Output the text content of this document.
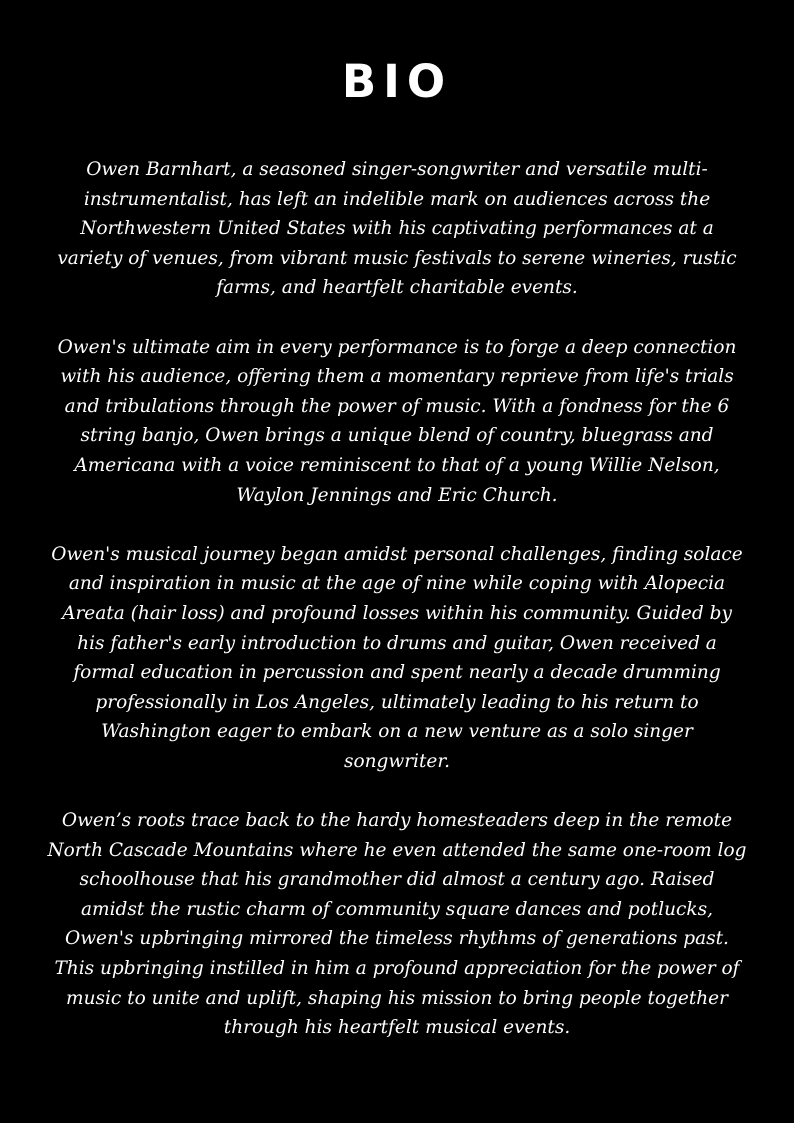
BIO

Owen Barnhart, a seasoned singer-songwriter and versatile multi-instrumentalist, has left an indelible mark on audiences across the Northwestern United States with his captivating performances at a variety of venues, from vibrant music festivals to serene wineries, rustic farms, and heartfelt charitable events.

Owen's ultimate aim in every performance is to forge a deep connection with his audience, offering them a momentary reprieve from life's trials and tribulations through the power of music. With a fondness for the 6 string banjo, Owen brings a unique blend of country, bluegrass and Americana with a voice reminiscent to that of a young Willie Nelson, Waylon Jennings and Eric Church.

Owen's musical journey began amidst personal challenges, finding solace and inspiration in music at the age of nine while coping with Alopecia Areata (hair loss) and profound losses within his community. Guided by his father's early introduction to drums and guitar, Owen received a formal education in percussion and spent nearly a decade drumming professionally in Los Angeles, ultimately leading to his return to Washington eager to embark on a new venture as a solo singer songwriter.

Owen’s roots trace back to the hardy homesteaders deep in the remote North Cascade Mountains where he even attended the same one-room log schoolhouse that his grandmother did almost a century ago. Raised amidst the rustic charm of community square dances and potlucks, Owen's upbringing mirrored the timeless rhythms of generations past. This upbringing instilled in him a profound appreciation for the power of music to unite and uplift, shaping his mission to bring people together through his heartfelt musical events.
